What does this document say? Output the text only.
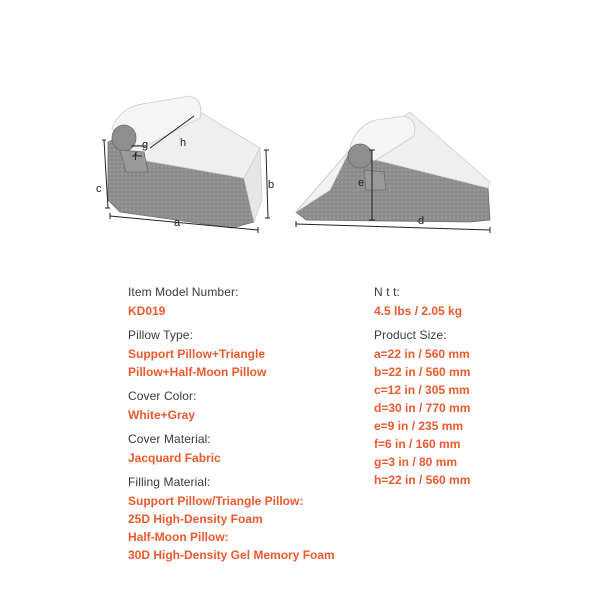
h
g
f
c	b
a
e
d

Item Model Number:

KD019

Pillow Type:

Support Pillow+Triangle

Pillow+Half-Moon Pillow

Cover Color:

White+Gray

Cover Material:

Jacquard Fabric

Filling Material:

Support Pillow/Triangle Pillow:

25D High-Density Foam

Half-Moon Pillow:

30D High-Density Gel Memory Foam

N t t:

4.5 lbs / 2.05 kg

Product Size:

a=22 in / 560 mm

b=22 in / 560 mm

c=12 in / 305 mm

d=30 in / 770 mm

e=9 in / 235 mm

f=6 in / 160 mm

g=3 in / 80 mm

h=22 in / 560 mm
